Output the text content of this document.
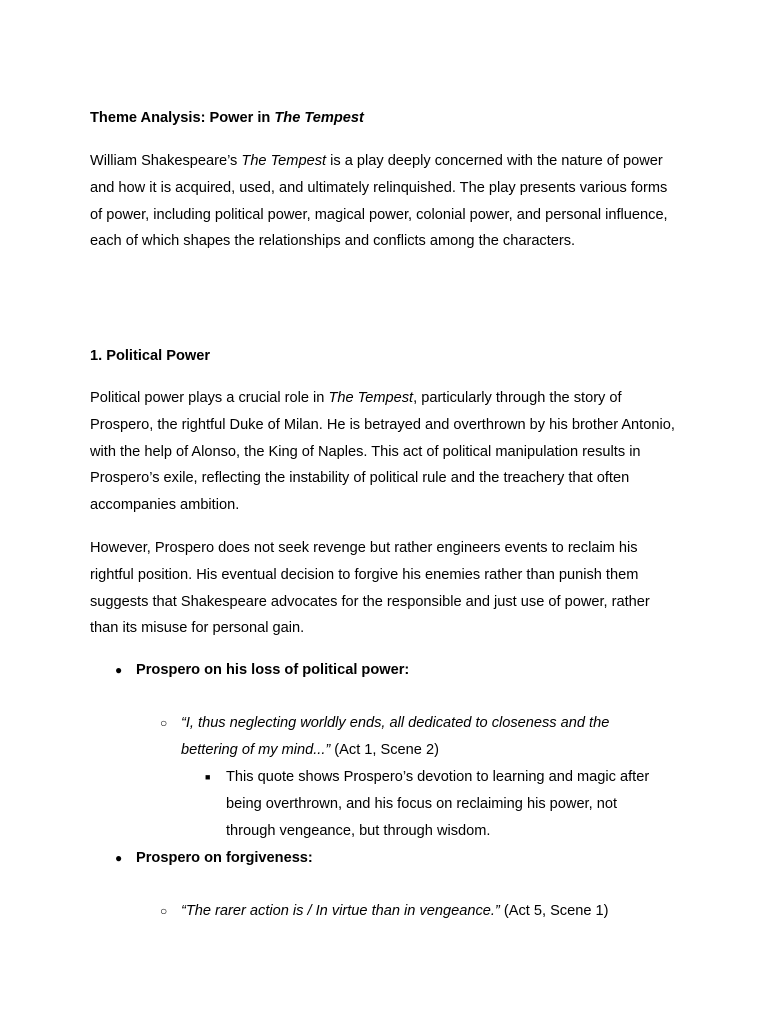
Theme Analysis: Power in The Tempest
William Shakespeare’s The Tempest is a play deeply concerned with the nature of power and how it is acquired, used, and ultimately relinquished. The play presents various forms of power, including political power, magical power, colonial power, and personal influence, each of which shapes the relationships and conflicts among the characters.
1. Political Power
Political power plays a crucial role in The Tempest, particularly through the story of Prospero, the rightful Duke of Milan. He is betrayed and overthrown by his brother Antonio, with the help of Alonso, the King of Naples. This act of political manipulation results in Prospero’s exile, reflecting the instability of political rule and the treachery that often accompanies ambition.
However, Prospero does not seek revenge but rather engineers events to reclaim his rightful position. His eventual decision to forgive his enemies rather than punish them suggests that Shakespeare advocates for the responsible and just use of power, rather than its misuse for personal gain.
● Prospero on his loss of political power:
○ “I, thus neglecting worldly ends, all dedicated to closeness and the bettering of my mind...” (Act 1, Scene 2)
■ This quote shows Prospero’s devotion to learning and magic after being overthrown, and his focus on reclaiming his power, not through vengeance, but through wisdom.
● Prospero on forgiveness:
○ “The rarer action is / In virtue than in vengeance.” (Act 5, Scene 1)
